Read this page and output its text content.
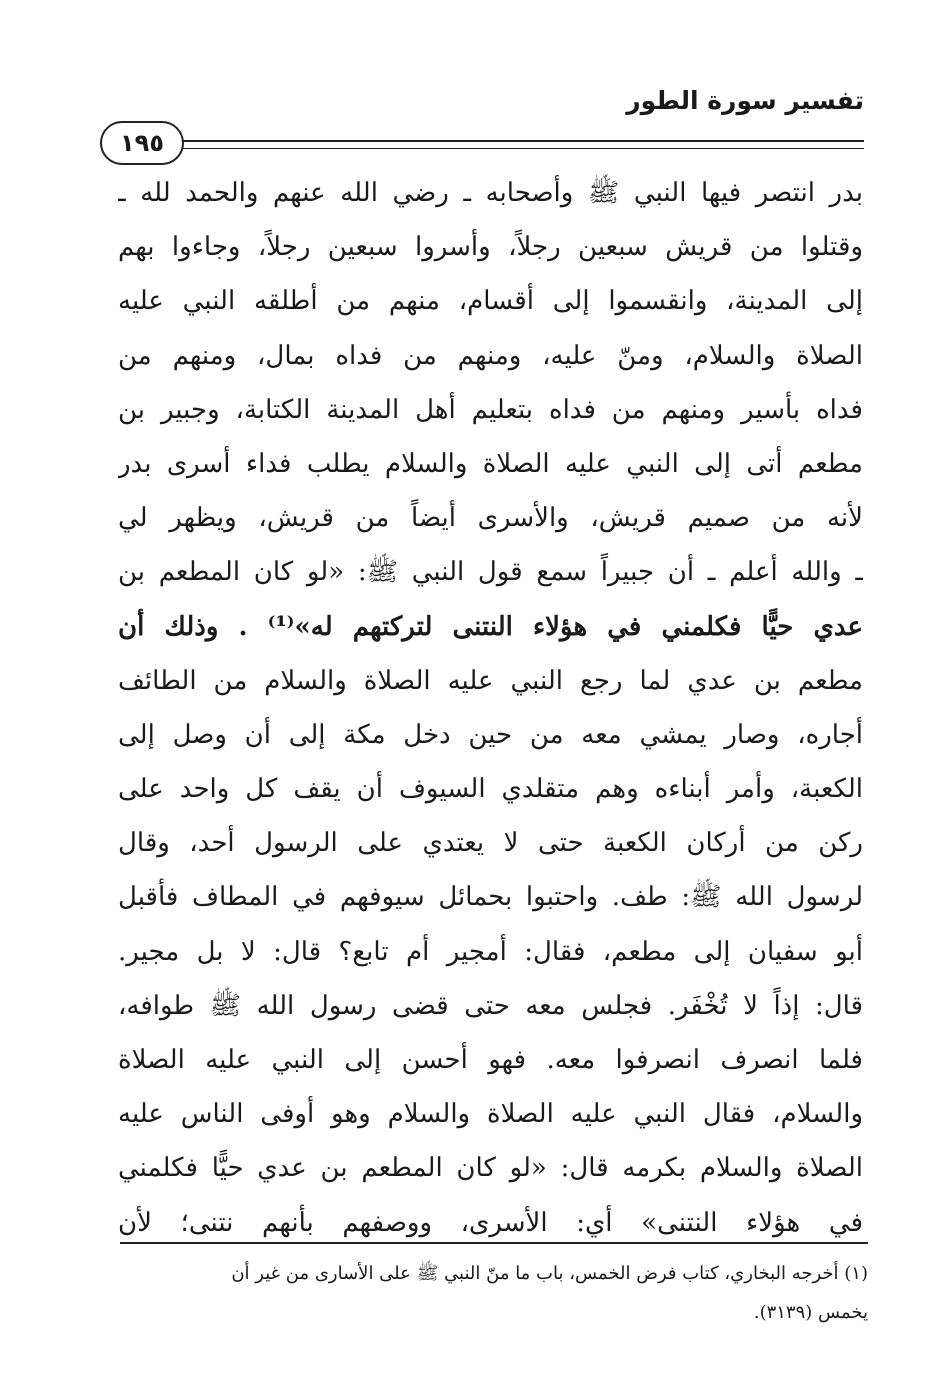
تفسير سورة الطور
١٩٥
بدر انتصر فيها النبي ﷺ وأصحابه ـ رضي الله عنهم والحمد لله ـ
وقتلوا من قريش سبعين رجلاً، وأسروا سبعين رجلاً، وجاءوا بهم
إلى المدينة، وانقسموا إلى أقسام، منهم من أطلقه النبي عليه
الصلاة والسلام، ومنّ عليه، ومنهم من فداه بمال، ومنهم من
فداه بأسير ومنهم من فداه بتعليم أهل المدينة الكتابة، وجبير بن
مطعم أتى إلى النبي عليه الصلاة والسلام يطلب فداء أسرى بدر
لأنه من صميم قريش، والأسرى أيضاً من قريش، ويظهر لي
ـ والله أعلم ـ أن جبيراً سمع قول النبي ﷺ: «لو كان المطعم بن
عدي حيًّا فكلمني في هؤلاء النتنى لتركتهم له»⁽¹⁾ . وذلك أن
مطعم بن عدي لما رجع النبي عليه الصلاة والسلام من الطائف
أجاره، وصار يمشي معه من حين دخل مكة إلى أن وصل إلى
الكعبة، وأمر أبناءه وهم متقلدي السيوف أن يقف كل واحد على
ركن من أركان الكعبة حتى لا يعتدي على الرسول أحد، وقال
لرسول الله ﷺ: طف. واحتبوا بحمائل سيوفهم في المطاف فأقبل
أبو سفيان إلى مطعم، فقال: أمجير أم تابع؟ قال: لا بل مجير.
قال: إذاً لا تُخْفَر. فجلس معه حتى قضى رسول الله ﷺ طوافه،
فلما انصرف انصرفوا معه. فهو أحسن إلى النبي عليه الصلاة
والسلام، فقال النبي عليه الصلاة والسلام وهو أوفى الناس عليه
الصلاة والسلام بكرمه قال: «لو كان المطعم بن عدي حيًّا فكلمني
في هؤلاء النتنى» أي: الأسرى، ووصفهم بأنهم نتنى؛ لأن
(١) أخرجه البخاري، كتاب فرض الخمس، باب ما منّ النبي ﷺ على الأسارى من غير أن
يخمس (٣١٣٩).
